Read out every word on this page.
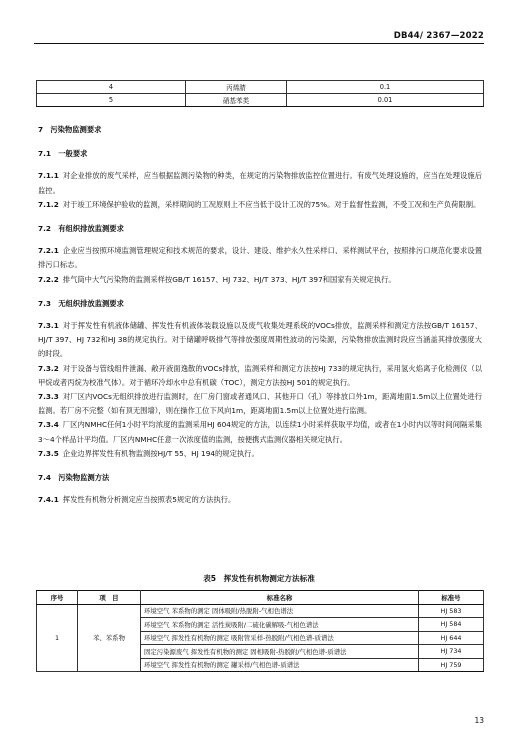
DB44/ 2367—2022
4	丙烯腈	0.1
5	硝基苯类	0.01
7　污染物监测要求
7.1　一般要求

7.1.1 对企业排放的废气采样，应当根据监测污染物的种类，在规定的污染物排放监控位置进行。有废气处理设施的，应当在处理设施后监控。

7.1.2 对于竣工环境保护验收的监测，采样期间的工况原则上不应当低于设计工况的75%。对于监督性监测，不受工况和生产负荷限制。

7.2　有组织排放监测要求

7.2.1 企业应当按照环境监测管理规定和技术规范的要求，设计、建设、维护永久性采样口、采样测试平台，按照排污口规范化要求设置排污口标志。

7.2.2 排气筒中大气污染物的监测采样按GB/T 16157、HJ 732、HJ/T 373、HJ/T 397和国家有关规定执行。

7.3　无组织排放监测要求

7.3.1 对于挥发性有机液体储罐、挥发性有机液体装载设施以及废气收集处理系统的VOCs排放，监测采样和测定方法按GB/T 16157、HJ/T 397、HJ 732和HJ 38的规定执行。对于储罐呼吸排气等排放强度周期性波动的污染源，污染物排放监测时段应当涵盖其排放强度大的时段。

7.3.2 对于设备与管线组件泄漏、敞开液面逸散的VOCs排放，监测采样和测定方法按HJ 733的规定执行，采用氢火焰离子化检测仪（以甲烷或者丙烷为校准气体）。对于循环冷却水中总有机碳（TOC），测定方法按HJ 501的规定执行。

7.3.3 对厂区内VOCs无组织排放进行监测时，在厂房门窗或者通风口、其他开口（孔）等排放口外1m，距离地面1.5m以上位置处进行监测。若厂房不完整（如有顶无围墙），则在操作工位下风向1m，距离地面1.5m以上位置处进行监测。

7.3.4 厂区内NMHC任何1小时平均浓度的监测采用HJ 604规定的方法，以连续1小时采样获取平均值，或者在1小时内以等时间间隔采集3～4个样品计平均值。厂区内NMHC任意一次浓度值的监测，按便携式监测仪器相关规定执行。

7.3.5 企业边界挥发性有机物监测按HJ/T 55、HJ 194的规定执行。

7.4　污染物监测方法

7.4.1 挥发性有机物分析测定应当按照表5规定的方法执行。

表5　挥发性有机物测定方法标准
序号	项　目	标准名称	标准号
1	苯、苯系物	环境空气 苯系物的测定 固体吸附/热脱附-气相色谱法	HJ 583
		环境空气 苯系物的测定 活性炭吸附/二硫化碳解吸-气相色谱法	HJ 584
		环境空气 挥发性有机物的测定 吸附管采样-热脱附/气相色谱-质谱法	HJ 644
		固定污染源废气 挥发性有机物的测定 固相吸附-热脱附/气相色谱-质谱法	HJ 734
		环境空气 挥发性有机物的测定 罐采样/气相色谱-质谱法	HJ 759
13
